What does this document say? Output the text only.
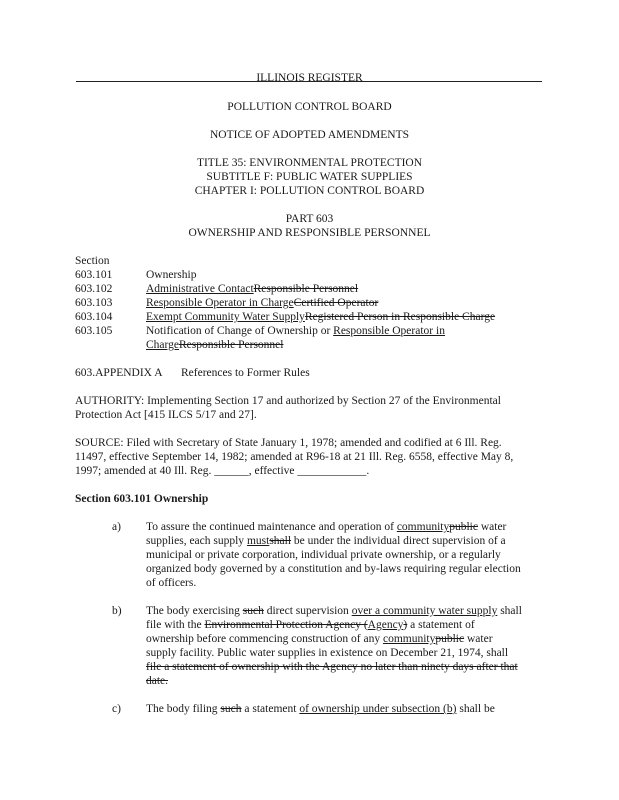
ILLINOIS REGISTER
POLLUTION CONTROL BOARD
NOTICE OF ADOPTED AMENDMENTS
TITLE 35: ENVIRONMENTAL PROTECTION
SUBTITLE F: PUBLIC WATER SUPPLIES
CHAPTER I: POLLUTION CONTROL BOARD
PART 603
OWNERSHIP AND RESPONSIBLE PERSONNEL
Section
603.101	Ownership
603.102	Administrative ContactResponsible Personnel
603.103	Responsible Operator in ChargeCertified Operator
603.104	Exempt Community Water SupplyRegistered Person in Responsible Charge
603.105	Notification of Change of Ownership or Responsible Operator in
ChargeResponsible Personnel
603.APPENDIX A References to Former Rules
AUTHORITY: Implementing Section 17 and authorized by Section 27 of the Environmental
Protection Act [415 ILCS 5/17 and 27].
SOURCE: Filed with Secretary of State January 1, 1978; amended and codified at 6 Ill. Reg.
11497, effective September 14, 1982; amended at R96-18 at 21 Ill. Reg. 6558, effective May 8,
1997; amended at 40 Ill. Reg. ______, effective ____________.
Section 603.101 Ownership
a) To assure the continued maintenance and operation of communitypublic water
supplies, each supply mustshall be under the individual direct supervision of a
municipal or private corporation, individual private ownership, or a regularly
organized body governed by a constitution and by-laws requiring regular election
of officers.
b) The body exercising such direct supervision over a community water supply shall
file with the Environmental Protection Agency (Agency) a statement of
ownership before commencing construction of any communitypublic water
supply facility. Public water supplies in existence on December 21, 1974, shall
file a statement of ownership with the Agency no later than ninety days after that
date.
c) The body filing such a statement of ownership under subsection (b) shall be
